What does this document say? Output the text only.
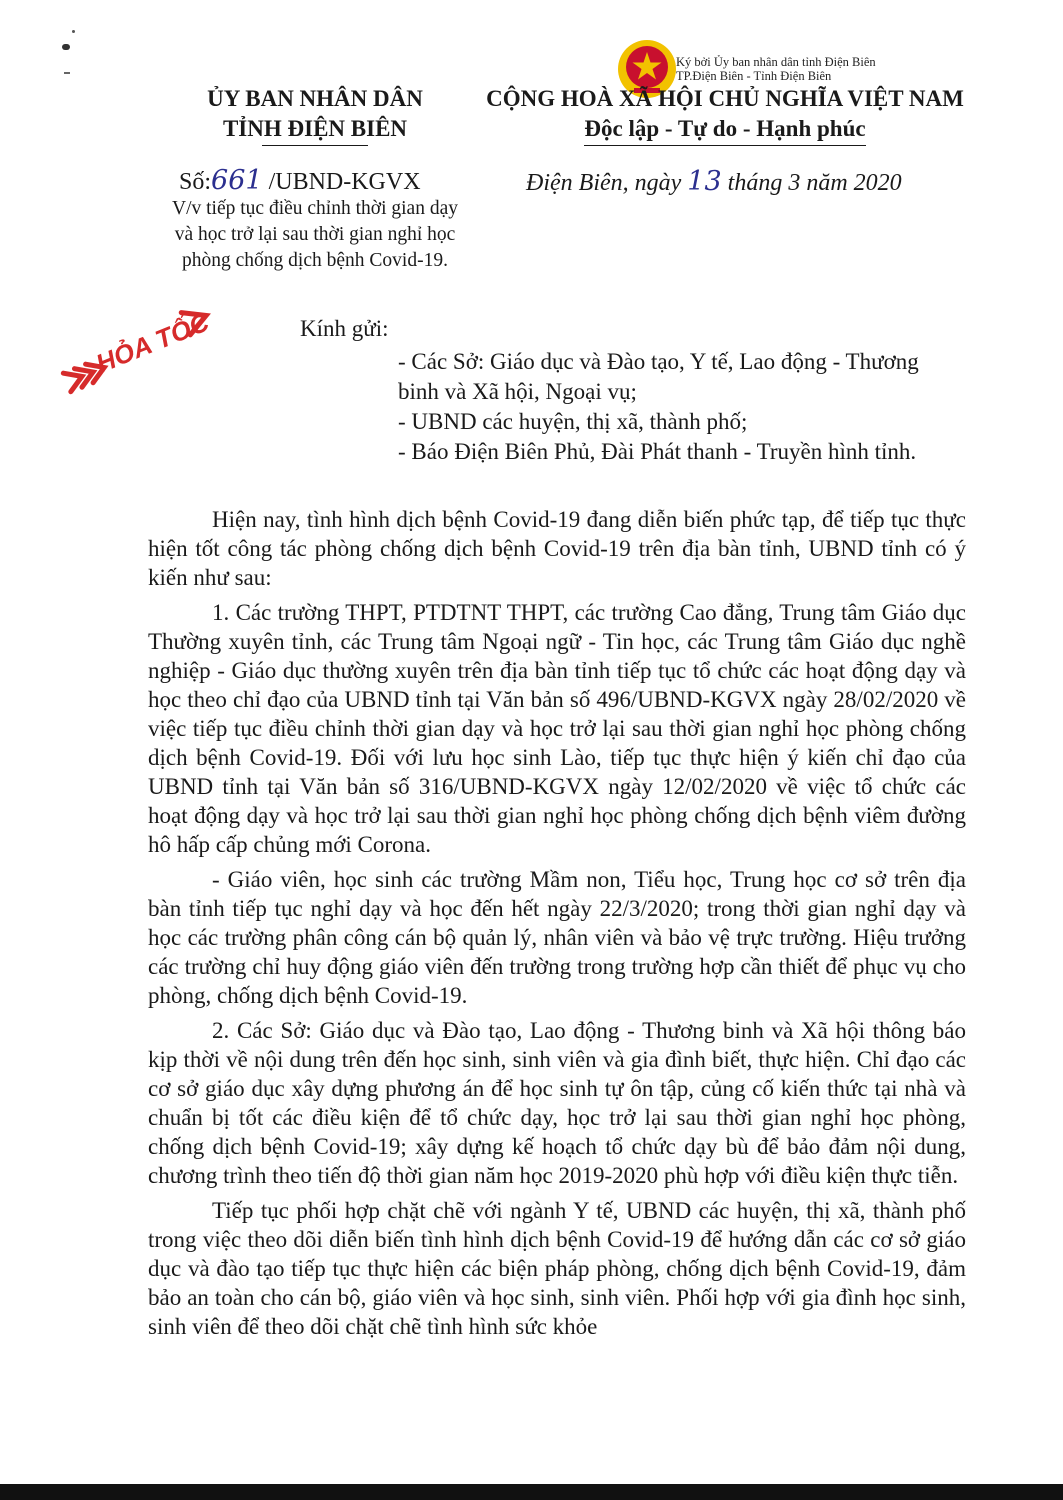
Ký bởi Ủy ban nhân dân tỉnh Điện Biên
TP.Điện Biên - Tỉnh Điện Biên
ỦY BAN NHÂN DÂN
TỈNH ĐIỆN BIÊN
CỘNG HOÀ XÃ HỘI CHỦ NGHĨA VIỆT NAM
Độc lập - Tự do - Hạnh phúc
Số:661 /UBND-KGVX	Điện Biên, ngày 13 tháng 3 năm 2020
V/v tiếp tục điều chỉnh thời gian dạy
và học trở lại sau thời gian nghỉ học
phòng chống dịch bệnh Covid-19.
HỎA TỐC	Kính gửi:
- Các Sở: Giáo dục và Đào tạo, Y tế, Lao động - Thương
binh và Xã hội, Ngoại vụ;
- UBND các huyện, thị xã, thành phố;
- Báo Điện Biên Phủ, Đài Phát thanh - Truyền hình tỉnh.

Hiện nay, tình hình dịch bệnh Covid-19 đang diễn biến phức tạp, để tiếp tục thực hiện tốt công tác phòng chống dịch bệnh Covid-19 trên địa bàn tỉnh, UBND tỉnh có ý kiến như sau:

1. Các trường THPT, PTDTNT THPT, các trường Cao đẳng, Trung tâm Giáo dục Thường xuyên tỉnh, các Trung tâm Ngoại ngữ - Tin học, các Trung tâm Giáo dục nghề nghiệp - Giáo dục thường xuyên trên địa bàn tỉnh tiếp tục tổ chức các hoạt động dạy và học theo chỉ đạo của UBND tỉnh tại Văn bản số 496/UBND-KGVX ngày 28/02/2020 về việc tiếp tục điều chỉnh thời gian dạy và học trở lại sau thời gian nghỉ học phòng chống dịch bệnh Covid-19. Đối với lưu học sinh Lào, tiếp tục thực hiện ý kiến chỉ đạo của UBND tỉnh tại Văn bản số 316/UBND-KGVX ngày 12/02/2020 về việc tổ chức các hoạt động dạy và học trở lại sau thời gian nghỉ học phòng chống dịch bệnh viêm đường hô hấp cấp chủng mới Corona.

- Giáo viên, học sinh các trường Mầm non, Tiểu học, Trung học cơ sở trên địa bàn tỉnh tiếp tục nghỉ dạy và học đến hết ngày 22/3/2020; trong thời gian nghỉ dạy và học các trường phân công cán bộ quản lý, nhân viên và bảo vệ trực trường. Hiệu trưởng các trường chỉ huy động giáo viên đến trường trong trường hợp cần thiết để phục vụ cho phòng, chống dịch bệnh Covid-19.

2. Các Sở: Giáo dục và Đào tạo, Lao động - Thương binh và Xã hội thông báo kịp thời về nội dung trên đến học sinh, sinh viên và gia đình biết, thực hiện. Chỉ đạo các cơ sở giáo dục xây dựng phương án để học sinh tự ôn tập, củng cố kiến thức tại nhà và chuẩn bị tốt các điều kiện để tổ chức dạy, học trở lại sau thời gian nghỉ học phòng, chống dịch bệnh Covid-19; xây dựng kế hoạch tổ chức dạy bù để bảo đảm nội dung, chương trình theo tiến độ thời gian năm học 2019-2020 phù hợp với điều kiện thực tiễn.

Tiếp tục phối hợp chặt chẽ với ngành Y tế, UBND các huyện, thị xã, thành phố trong việc theo dõi diễn biến tình hình dịch bệnh Covid-19 để hướng dẫn các cơ sở giáo dục và đào tạo tiếp tục thực hiện các biện pháp phòng, chống dịch bệnh Covid-19, đảm bảo an toàn cho cán bộ, giáo viên và học sinh, sinh viên. Phối hợp với gia đình học sinh, sinh viên để theo dõi chặt chẽ tình hình sức khỏe
